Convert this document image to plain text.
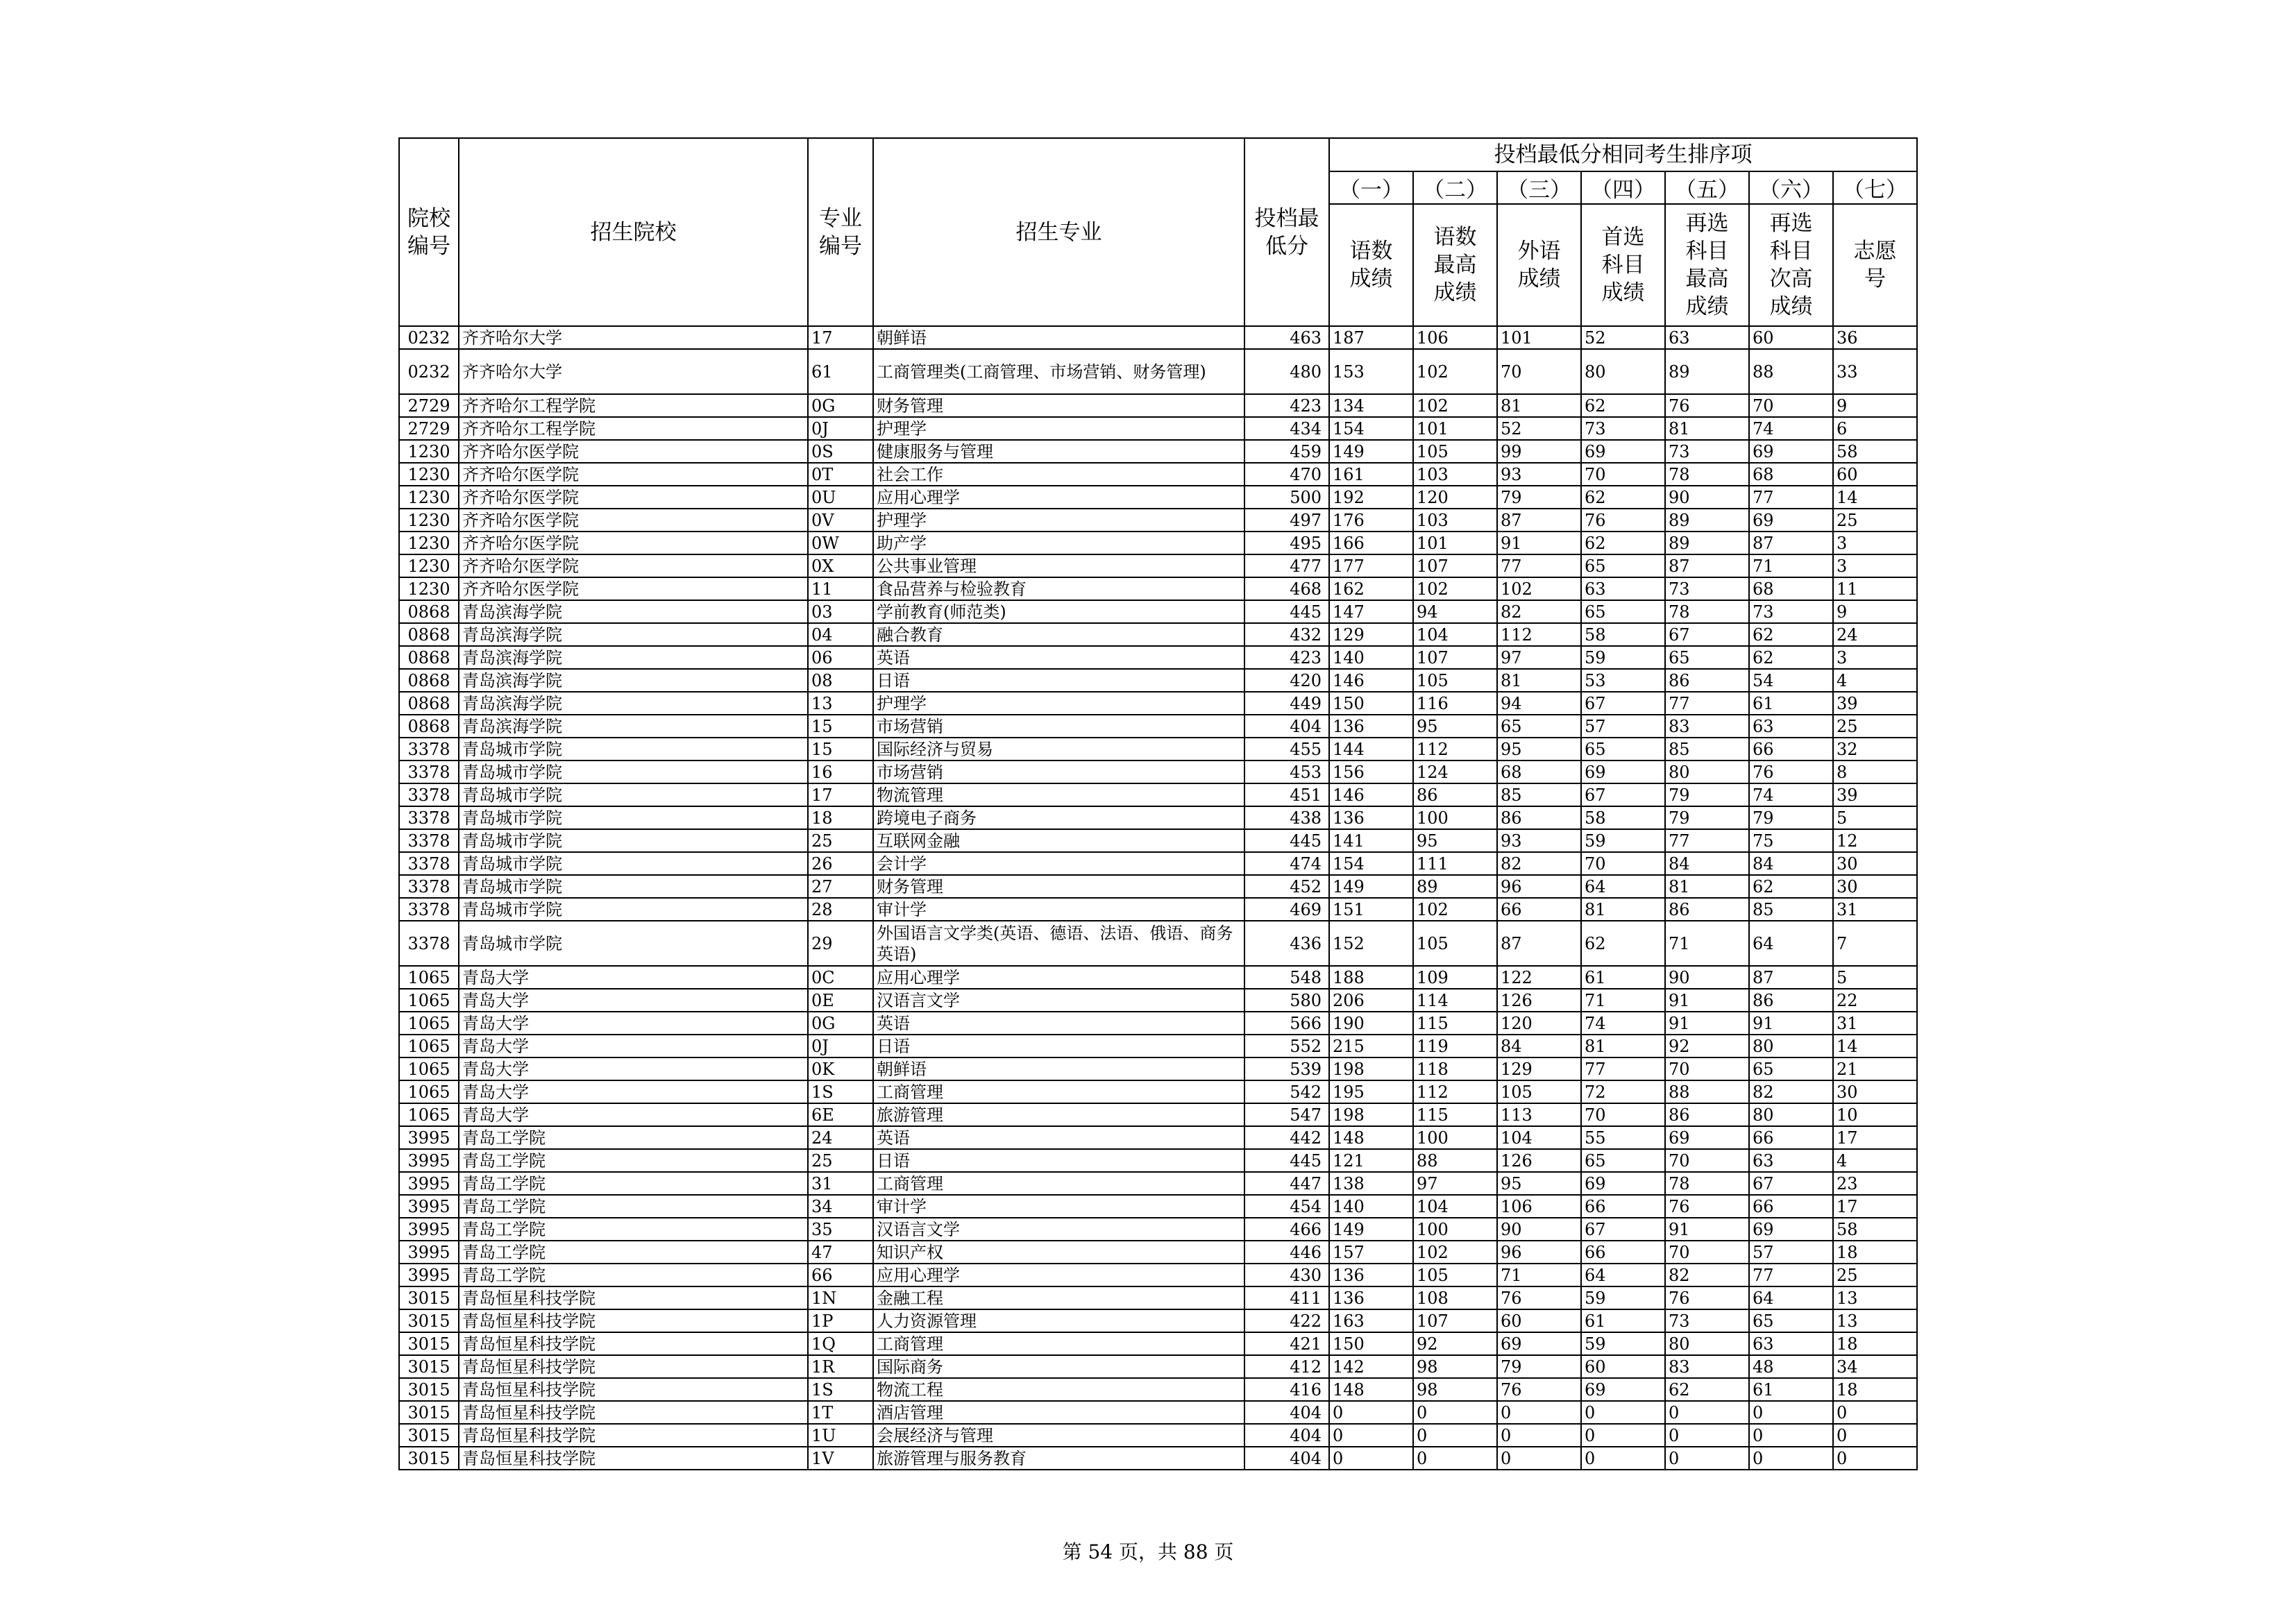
院校编号	招生院校	专业编号	招生专业	投档最低分	投档最低分相同考生排序项						
					（一）	（二）	（三）	（四）	（五）	（六）	（七）
					语数成绩	语数最高成绩	外语成绩	首选科目成绩	再选科目最高成绩	再选科目次高成绩	志愿号
0232	齐齐哈尔大学	17	朝鲜语	463	187	106	101	52	63	60	36
0232	齐齐哈尔大学	61	工商管理类(工商管理、市场营销、财务管理)	480	153	102	70	80	89	88	33
2729	齐齐哈尔工程学院	0G	财务管理	423	134	102	81	62	76	70	9
2729	齐齐哈尔工程学院	0J	护理学	434	154	101	52	73	81	74	6
1230	齐齐哈尔医学院	0S	健康服务与管理	459	149	105	99	69	73	69	58
1230	齐齐哈尔医学院	0T	社会工作	470	161	103	93	70	78	68	60
1230	齐齐哈尔医学院	0U	应用心理学	500	192	120	79	62	90	77	14
1230	齐齐哈尔医学院	0V	护理学	497	176	103	87	76	89	69	25
1230	齐齐哈尔医学院	0W	助产学	495	166	101	91	62	89	87	3
1230	齐齐哈尔医学院	0X	公共事业管理	477	177	107	77	65	87	71	3
1230	齐齐哈尔医学院	11	食品营养与检验教育	468	162	102	102	63	73	68	11
0868	青岛滨海学院	03	学前教育(师范类)	445	147	94	82	65	78	73	9
0868	青岛滨海学院	04	融合教育	432	129	104	112	58	67	62	24
0868	青岛滨海学院	06	英语	423	140	107	97	59	65	62	3
0868	青岛滨海学院	08	日语	420	146	105	81	53	86	54	4
0868	青岛滨海学院	13	护理学	449	150	116	94	67	77	61	39
0868	青岛滨海学院	15	市场营销	404	136	95	65	57	83	63	25
3378	青岛城市学院	15	国际经济与贸易	455	144	112	95	65	85	66	32
3378	青岛城市学院	16	市场营销	453	156	124	68	69	80	76	8
3378	青岛城市学院	17	物流管理	451	146	86	85	67	79	74	39
3378	青岛城市学院	18	跨境电子商务	438	136	100	86	58	79	79	5
3378	青岛城市学院	25	互联网金融	445	141	95	93	59	77	75	12
3378	青岛城市学院	26	会计学	474	154	111	82	70	84	84	30
3378	青岛城市学院	27	财务管理	452	149	89	96	64	81	62	30
3378	青岛城市学院	28	审计学	469	151	102	66	81	86	85	31
3378	青岛城市学院	29	外国语言文学类(英语、德语、法语、俄语、商务英语)	436	152	105	87	62	71	64	7
1065	青岛大学	0C	应用心理学	548	188	109	122	61	90	87	5
1065	青岛大学	0E	汉语言文学	580	206	114	126	71	91	86	22
1065	青岛大学	0G	英语	566	190	115	120	74	91	91	31
1065	青岛大学	0J	日语	552	215	119	84	81	92	80	14
1065	青岛大学	0K	朝鲜语	539	198	118	129	77	70	65	21
1065	青岛大学	1S	工商管理	542	195	112	105	72	88	82	30
1065	青岛大学	6E	旅游管理	547	198	115	113	70	86	80	10
3995	青岛工学院	24	英语	442	148	100	104	55	69	66	17
3995	青岛工学院	25	日语	445	121	88	126	65	70	63	4
3995	青岛工学院	31	工商管理	447	138	97	95	69	78	67	23
3995	青岛工学院	34	审计学	454	140	104	106	66	76	66	17
3995	青岛工学院	35	汉语言文学	466	149	100	90	67	91	69	58
3995	青岛工学院	47	知识产权	446	157	102	96	66	70	57	18
3995	青岛工学院	66	应用心理学	430	136	105	71	64	82	77	25
3015	青岛恒星科技学院	1N	金融工程	411	136	108	76	59	76	64	13
3015	青岛恒星科技学院	1P	人力资源管理	422	163	107	60	61	73	65	13
3015	青岛恒星科技学院	1Q	工商管理	421	150	92	69	59	80	63	18
3015	青岛恒星科技学院	1R	国际商务	412	142	98	79	60	83	48	34
3015	青岛恒星科技学院	1S	物流工程	416	148	98	76	69	62	61	18
3015	青岛恒星科技学院	1T	酒店管理	404	0	0	0	0	0	0	0
3015	青岛恒星科技学院	1U	会展经济与管理	404	0	0	0	0	0	0	0
3015	青岛恒星科技学院	1V	旅游管理与服务教育	404	0	0	0	0	0	0	0
第 54 页，共 88 页
